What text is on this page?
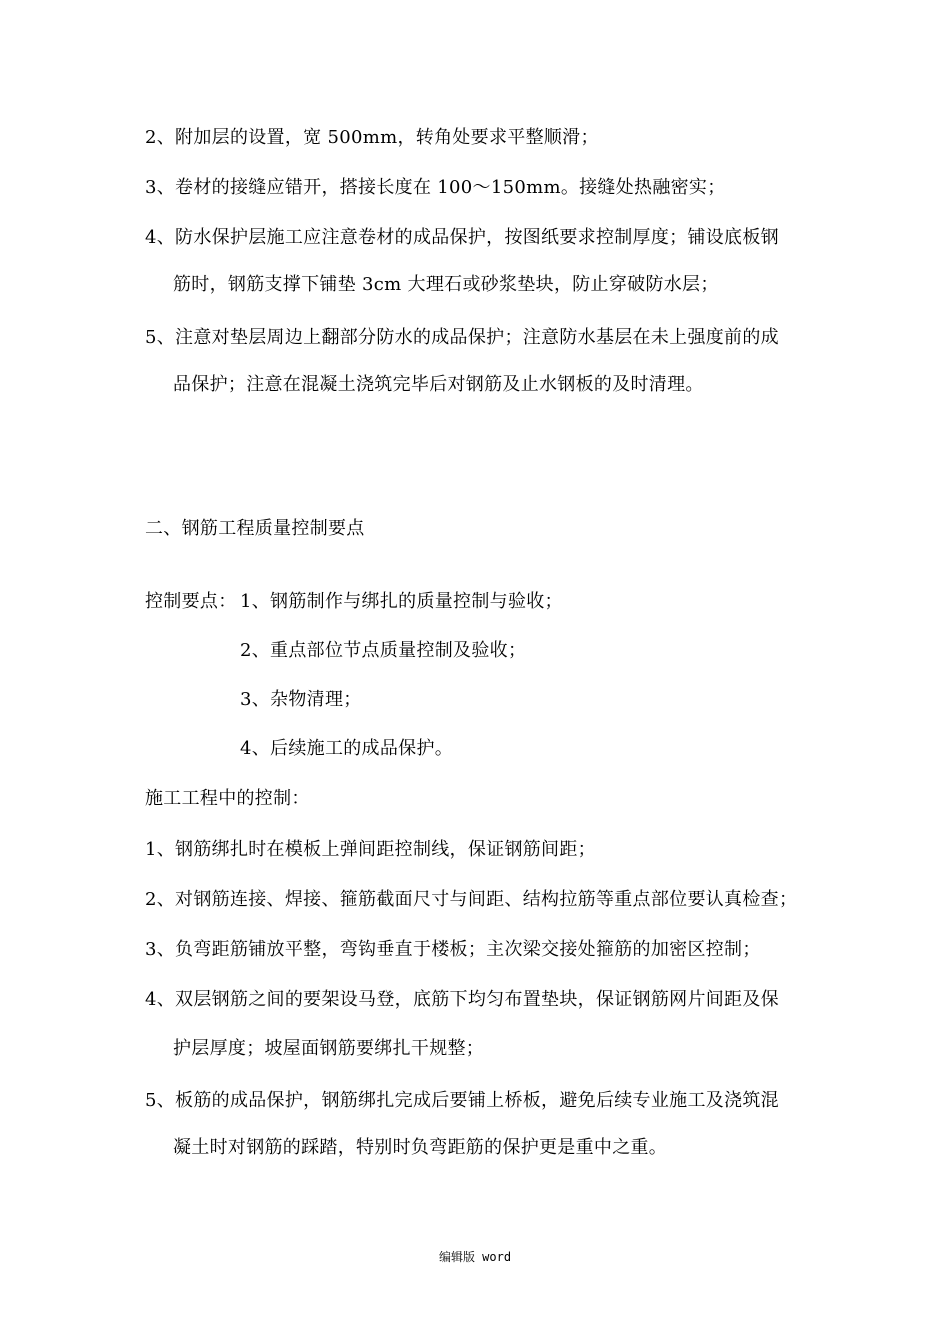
2、附加层的设置，宽 500mm，转角处要求平整顺滑；
3、卷材的接缝应错开，搭接长度在 100～150mm。接缝处热融密实；
4、防水保护层施工应注意卷材的成品保护，按图纸要求控制厚度；铺设底板钢
筋时，钢筋支撑下铺垫 3cm 大理石或砂浆垫块，防止穿破防水层；
5、注意对垫层周边上翻部分防水的成品保护；注意防水基层在未上强度前的成
品保护；注意在混凝土浇筑完毕后对钢筋及止水钢板的及时清理。
二、钢筋工程质量控制要点
控制要点： 1、钢筋制作与绑扎的质量控制与验收；
2、重点部位节点质量控制及验收；
3、杂物清理；
4、后续施工的成品保护。
施工工程中的控制：
1、钢筋绑扎时在模板上弹间距控制线，保证钢筋间距；
2、对钢筋连接、焊接、箍筋截面尺寸与间距、结构拉筋等重点部位要认真检查；
3、负弯距筋铺放平整，弯钩垂直于楼板；主次梁交接处箍筋的加密区控制；
4、双层钢筋之间的要架设马登，底筋下均匀布置垫块，保证钢筋网片间距及保
护层厚度；坡屋面钢筋要绑扎干规整；
5、板筋的成品保护，钢筋绑扎完成后要铺上桥板，避免后续专业施工及浇筑混
凝土时对钢筋的踩踏，特别时负弯距筋的保护更是重中之重。
编辑版 word
